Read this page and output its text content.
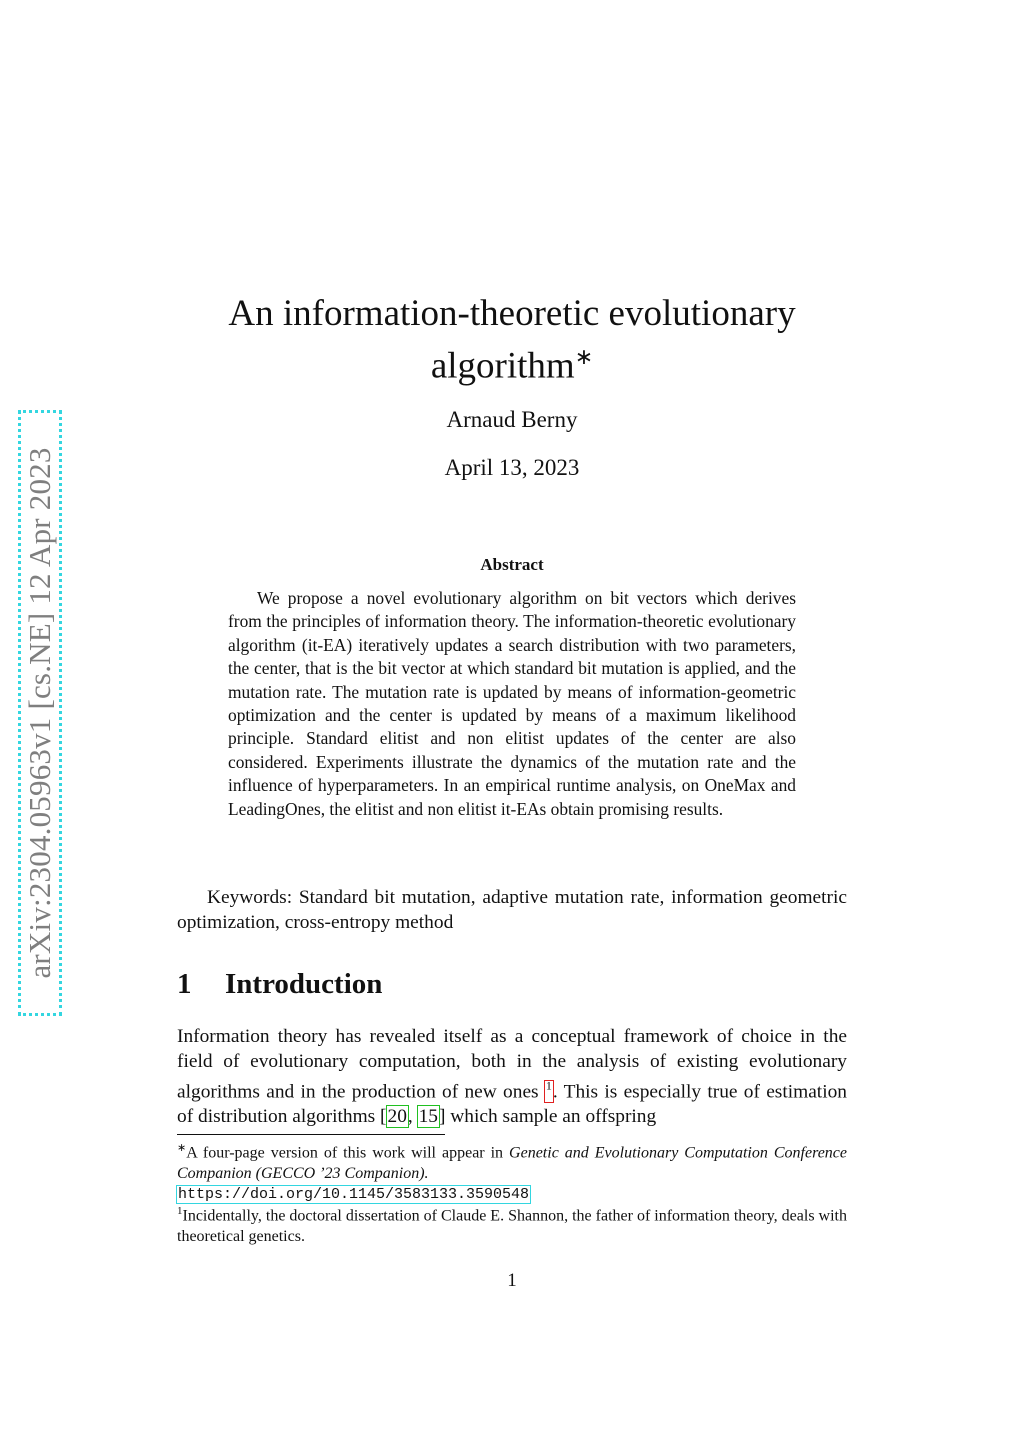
arXiv:2304.05963v1 [cs.NE] 12 Apr 2023
An information-theoretic evolutionary
algorithm∗
Arnaud Berny
April 13, 2023
Abstract

We propose a novel evolutionary algorithm on bit vectors which derives from the principles of information theory. The information-theoretic evolutionary algorithm (it-EA) iteratively updates a search distribution with two parameters, the center, that is the bit vector at which standard bit mutation is applied, and the mutation rate. The mutation rate is updated by means of information-geometric optimization and the center is updated by means of a maximum likelihood principle. Standard elitist and non elitist updates of the center are also considered. Experiments illustrate the dynamics of the mutation rate and the influence of hyperparameters. In an empirical runtime analysis, on OneMax and LeadingOnes, the elitist and non elitist it-EAs obtain promising results.

Keywords: Standard bit mutation, adaptive mutation rate, information geometric optimization, cross-entropy method

1 Introduction

Information theory has revealed itself as a conceptual framework of choice in the field of evolutionary computation, both in the analysis of existing evolutionary algorithms and in the production of new ones $^1$. This is especially true of estimation of distribution algorithms [20, 15] which sample an offspring

∗A four-page version of this work will appear in Genetic and Evolutionary Computation Conference Companion (GECCO ’23 Companion).
https://doi.org/10.1145/3583133.3590548

$^1$Incidentally, the doctoral dissertation of Claude E. Shannon, the father of information theory, deals with theoretical genetics.

1
